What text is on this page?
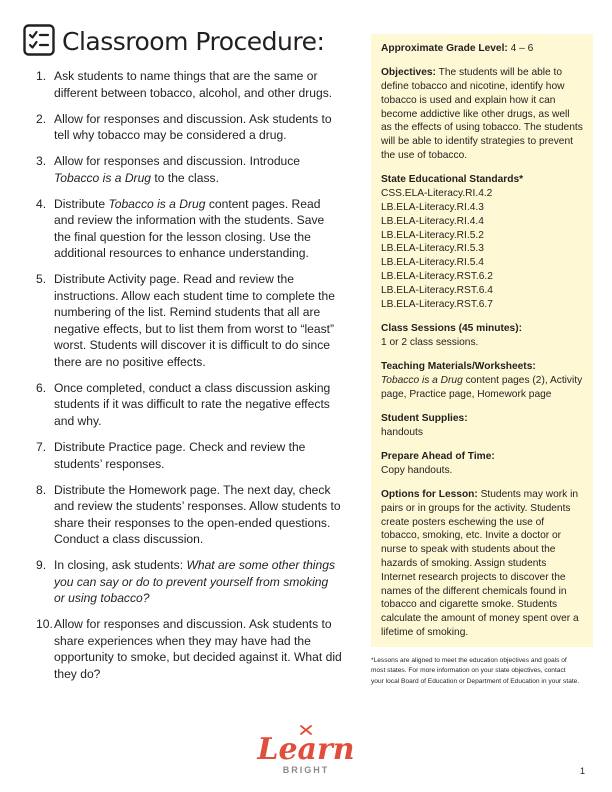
Classroom Procedure:
1. Ask students to name things that are the same or different between tobacco, alcohol, and other drugs.
2. Allow for responses and discussion. Ask students to tell why tobacco may be considered a drug.
3. Allow for responses and discussion. Introduce Tobacco is a Drug to the class.
4. Distribute Tobacco is a Drug content pages. Read and review the information with the students. Save the final question for the lesson closing. Use the additional resources to enhance understanding.
5. Distribute Activity page. Read and review the instructions. Allow each student time to complete the numbering of the list. Remind students that all are negative effects, but to list them from worst to “least” worst. Students will discover it is difficult to do since there are no positive effects.
6. Once completed, conduct a class discussion asking students if it was difficult to rate the negative effects and why.
7. Distribute Practice page. Check and review the students’ responses.
8. Distribute the Homework page. The next day, check and review the students’ responses. Allow students to share their responses to the open-ended questions. Conduct a class discussion.
9. In closing, ask students: What are some other things you can say or do to prevent yourself from smoking or using tobacco?
10. Allow for responses and discussion. Ask students to share experiences when they may have had the opportunity to smoke, but decided against it. What did they do?
Approximate Grade Level: 4 – 6
Objectives: The students will be able to define tobacco and nicotine, identify how tobacco is used and explain how it can become addictive like other drugs, as well as the effects of using tobacco. The students will be able to identify strategies to prevent the use of tobacco.
State Educational Standards*
CSS.ELA-Literacy.RI.4.2
LB.ELA-Literacy.RI.4.3
LB.ELA-Literacy.RI.4.4
LB.ELA-Literacy.RI.5.2
LB.ELA-Literacy.RI.5.3
LB.ELA-Literacy.RI.5.4
LB.ELA-Literacy.RST.6.2
LB.ELA-Literacy.RST.6.4
LB.ELA-Literacy.RST.6.7
Class Sessions (45 minutes):
1 or 2 class sessions.
Teaching Materials/Worksheets:
Tobacco is a Drug content pages (2), Activity page, Practice page, Homework page
Student Supplies:
handouts
Prepare Ahead of Time:
Copy handouts.
Options for Lesson: Students may work in pairs or in groups for the activity. Students create posters eschewing the use of tobacco, smoking, etc. Invite a doctor or nurse to speak with students about the hazards of smoking. Assign students Internet research projects to discover the names of the different chemicals found in tobacco and cigarette smoke. Students calculate the amount of money spent over a lifetime of smoking.
*Lessons are aligned to meet the education objectives and goals of
most states. For more information on your state objectives, contact
your local Board of Education or Department of Education in your state.
Learn
BRIGHT	1
